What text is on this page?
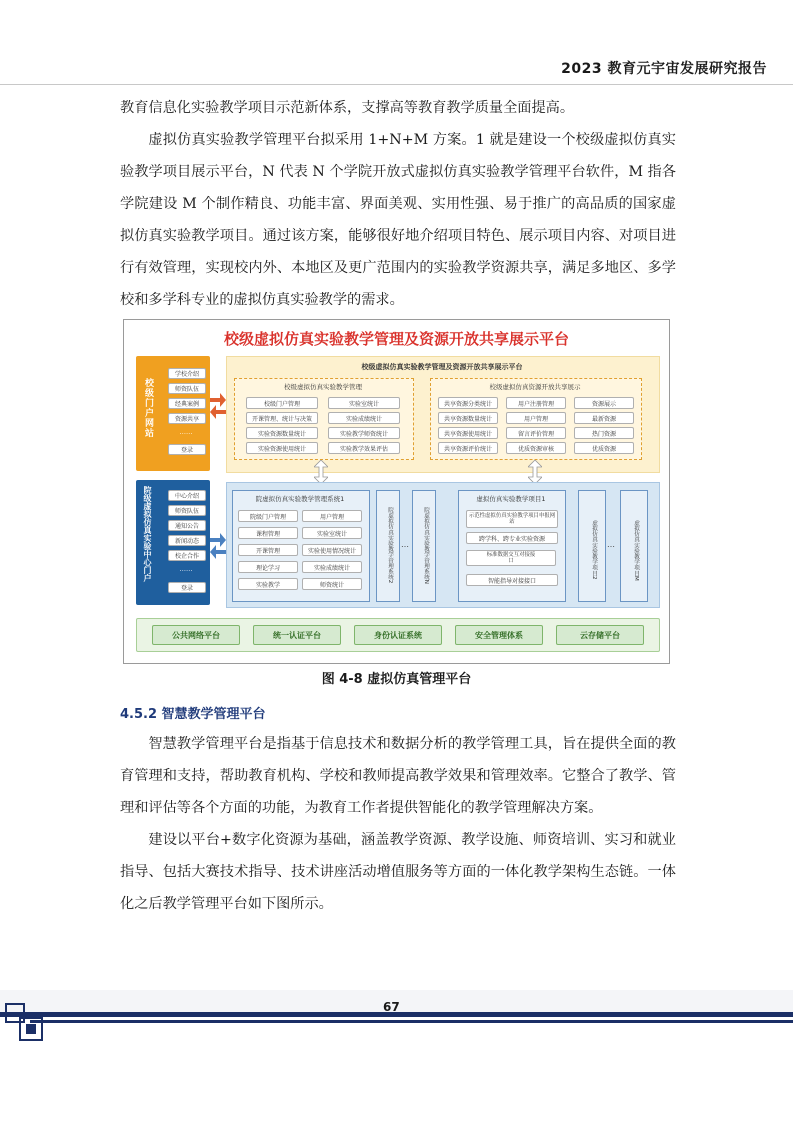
2023 教育元宇宙发展研究报告

教育信息化实验教学项目示范新体系，支撑高等教育教学质量全面提高。

虚拟仿真实验教学管理平台拟采用 1+N+M 方案。1 就是建设一个校级虚拟仿真实验教学项目展示平台，N 代表 N 个学院开放式虚拟仿真实验教学管理平台软件，M 指各学院建设 M 个制作精良、功能丰富、界面美观、实用性强、易于推广的高品质的国家虚拟仿真实验教学项目。通过该方案，能够很好地介绍项目特色、展示项目内容、对项目进行有效管理，实现校内外、本地区及更广范围内的实验教学资源共享，满足多地区、多学校和多学科专业的虚拟仿真实验教学的需求。

校级虚拟仿真实验教学管理及资源开放共享展示平台
校级门户网站
学校介绍
师资队伍
经典案例
资源共享
……
登录
院级虚拟仿真实验中心门户	中心介绍
师资队伍
通知公告
新闻动态
校企合作
……
登录
校级虚拟仿真实验教学管理及资源开放共享展示平台
校级虚拟仿真实验教学管理
校级门户管理	实验室统计
开课管理、统计与决策	实验成绩统计
实验资源数量统计	实验教学师资统计
实验资源使用统计	实验教学效果评估
校级虚拟仿真资源开放共享展示
共享资源分类统计	用户注册管理	资源展示
共享资源数量统计	用户管理	最新资源
共享资源使用统计	留言评价管理	热门资源
共享资源评价统计	优质资源审核	优质资源
院虚拟仿真实验教学管理系统1
院级门户管理	用户管理
课程管理	实验室统计
开课管理	实验使用情况统计
理论学习	实验成绩统计
实验教学	师资统计
院虚拟仿真实验教学管理系统2 …	院虚拟仿真实验教学管理系统N
虚拟仿真实验教学项目1
示范性虚拟仿真实验教学项目申报网站
跨学科、跨专业实验资源
标准数据交互对接接口
智能指导对接接口
虚拟仿真实验教学项目2 …	虚拟仿真实验教学项目M
公共网络平台	统一认证平台	身份认证系统	安全管理体系	云存储平台
图 4-8 虚拟仿真管理平台
4.5.2 智慧教学管理平台

智慧教学管理平台是指基于信息技术和数据分析的教学管理工具，旨在提供全面的教育管理和支持，帮助教育机构、学校和教师提高教学效果和管理效率。它整合了教学、管理和评估等各个方面的功能，为教育工作者提供智能化的教学管理解决方案。

建设以平台+数字化资源为基础，涵盖教学资源、教学设施、师资培训、实习和就业指导、包括大赛技术指导、技术讲座活动增值服务等方面的一体化教学架构生态链。一体化之后教学管理平台如下图所示。

67
